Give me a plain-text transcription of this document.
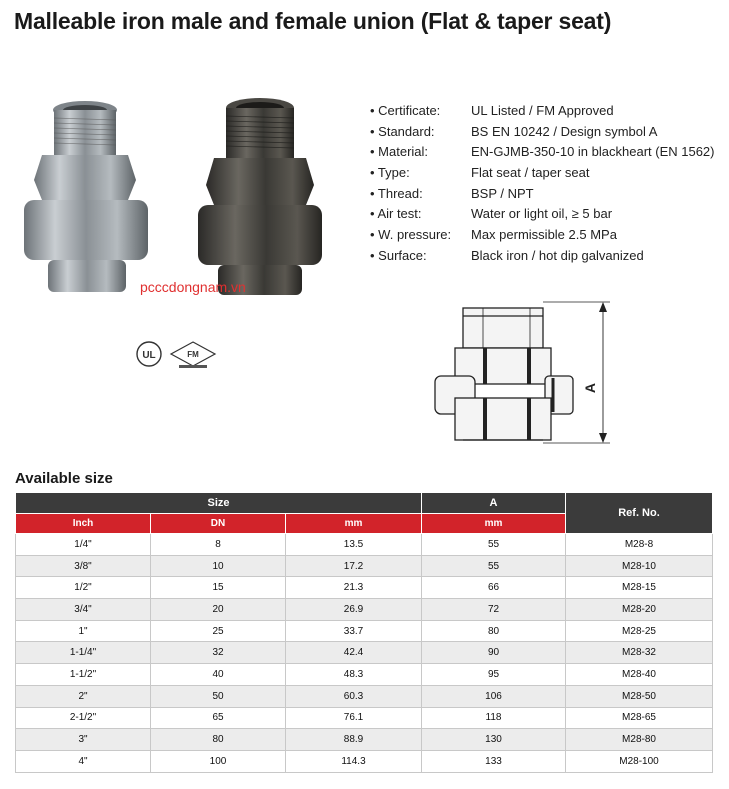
Malleable iron male and female union (Flat & taper seat)
pcccdongnam.vn
UL	FM
• Certificate:	UL Listed / FM Approved
• Standard:	BS EN 10242 / Design symbol A
• Material:	EN-GJMB-350-10 in blackheart (EN 1562)
• Type:	Flat seat / taper seat
• Thread:	BSP / NPT
• Air test:	Water or light oil, ≥ 5 bar
• W. pressure:	Max permissible 2.5 MPa
• Surface:	Black iron / hot dip galvanized
A
Available size
Size			A	Ref. No.
Inch	DN	mm	mm	
1/4"	8	13.5	55	M28-8
3/8"	10	17.2	55	M28-10
1/2"	15	21.3	66	M28-15
3/4"	20	26.9	72	M28-20
1"	25	33.7	80	M28-25
1-1/4"	32	42.4	90	M28-32
1-1/2"	40	48.3	95	M28-40
2"	50	60.3	106	M28-50
2-1/2"	65	76.1	118	M28-65
3"	80	88.9	130	M28-80
4"	100	114.3	133	M28-100
